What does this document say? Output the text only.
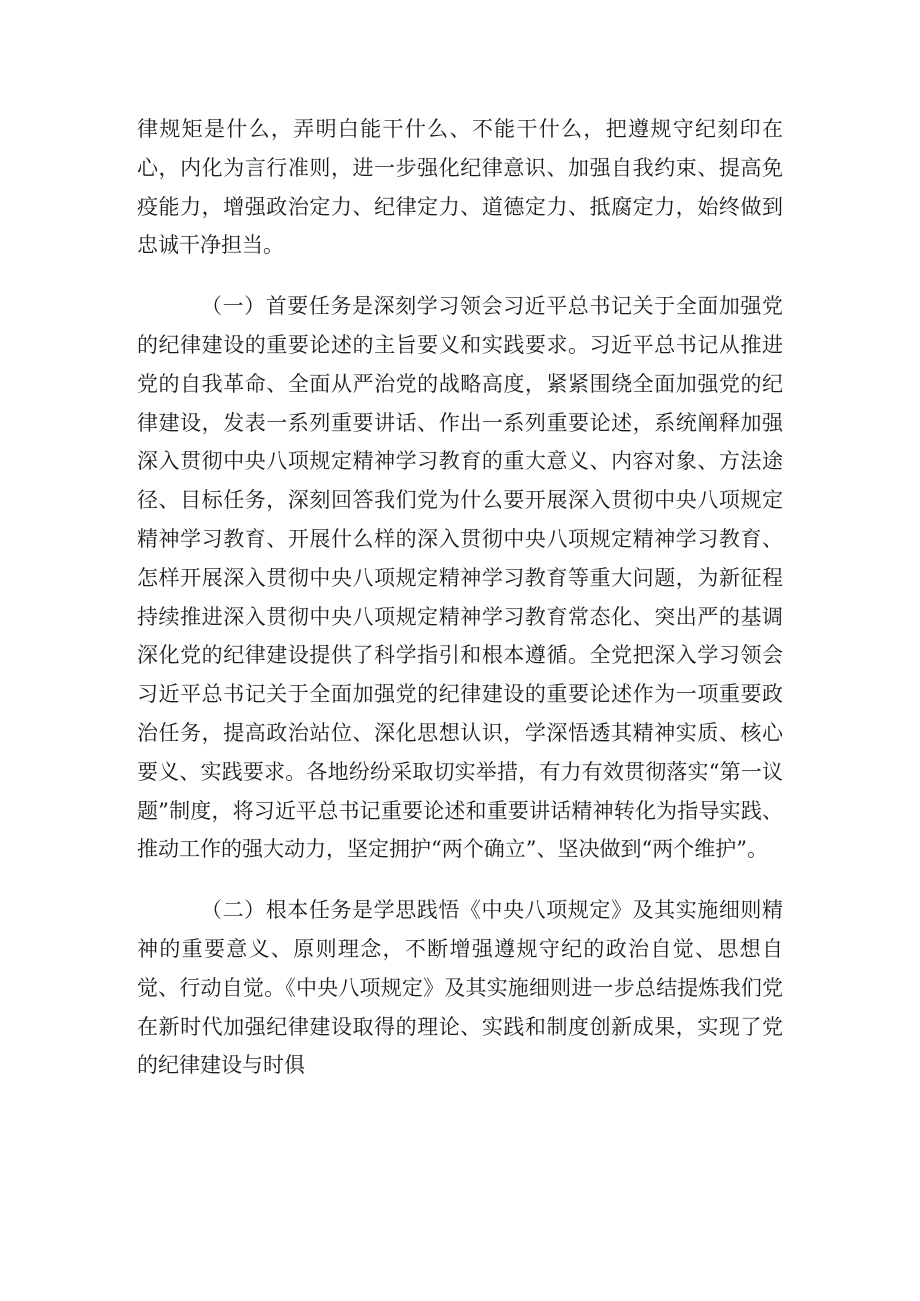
律规矩是什么，弄明白能干什么、不能干什么，把遵规守纪刻印在心，内化为言行准则，进一步强化纪律意识、加强自我约束、提高免疫能力，增强政治定力、纪律定力、道德定力、抵腐定力，始终做到忠诚干净担当。

（一）首要任务是深刻学习领会习近平总书记关于全面加强党的纪律建设的重要论述的主旨要义和实践要求。习近平总书记从推进党的自我革命、全面从严治党的战略高度，紧紧围绕全面加强党的纪律建设，发表一系列重要讲话、作出一系列重要论述，系统阐释加强深入贯彻中央八项规定精神学习教育的重大意义、内容对象、方法途径、目标任务，深刻回答我们党为什么要开展深入贯彻中央八项规定精神学习教育、开展什么样的深入贯彻中央八项规定精神学习教育、怎样开展深入贯彻中央八项规定精神学习教育等重大问题，为新征程持续推进深入贯彻中央八项规定精神学习教育常态化、突出严的基调深化党的纪律建设提供了科学指引和根本遵循。全党把深入学习领会习近平总书记关于全面加强党的纪律建设的重要论述作为一项重要政治任务，提高政治站位、深化思想认识，学深悟透其精神实质、核心要义、实践要求。各地纷纷采取切实举措，有力有效贯彻落实“第一议题”制度，将习近平总书记重要论述和重要讲话精神转化为指导实践、推动工作的强大动力，坚定拥护“两个确立”、坚决做到“两个维护”。

（二）根本任务是学思践悟《中央八项规定》及其实施细则精神的重要意义、原则理念，不断增强遵规守纪的政治自觉、思想自觉、行动自觉。《中央八项规定》及其实施细则进一步总结提炼我们党在新时代加强纪律建设取得的理论、实践和制度创新成果，实现了党的纪律建设与时俱
